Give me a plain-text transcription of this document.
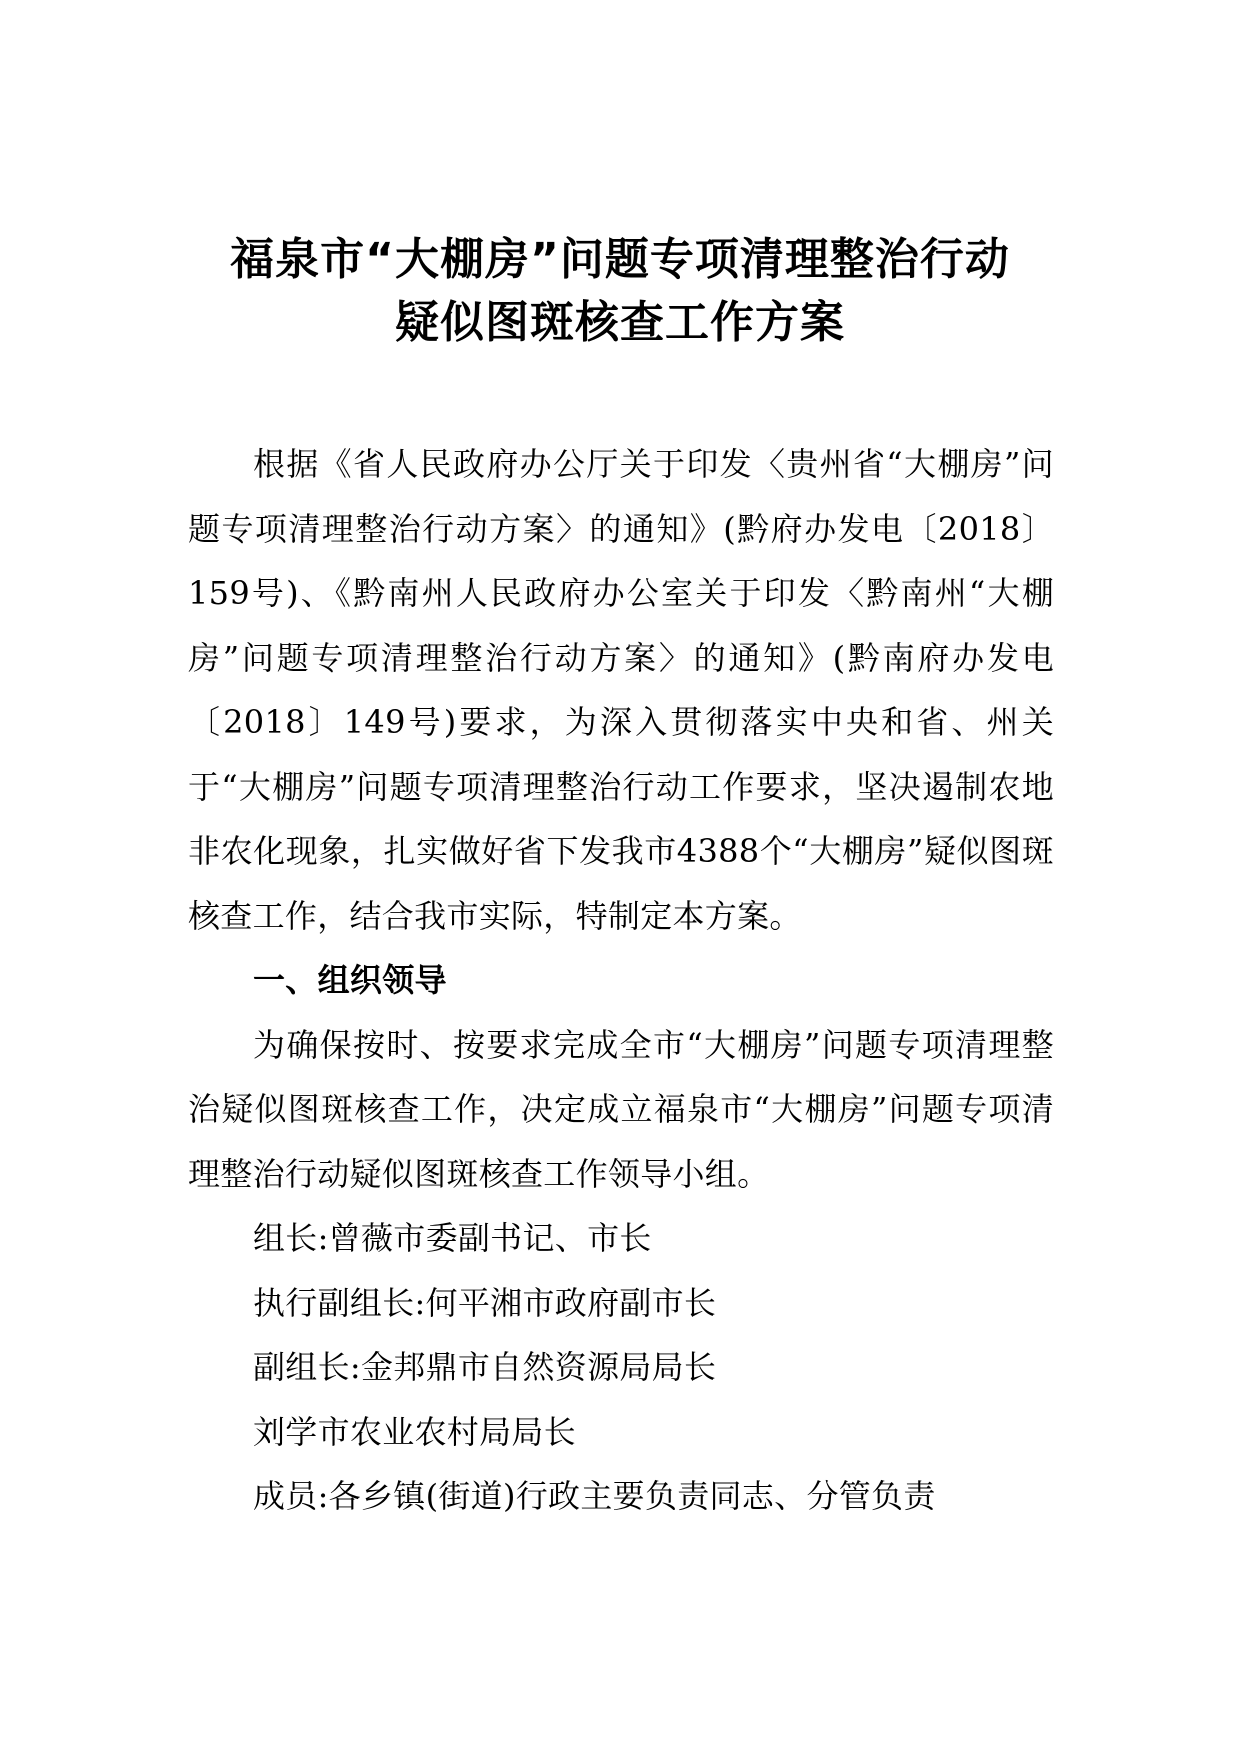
福泉市“大棚房”问题专项清理整治行动
疑似图斑核查工作方案

根据《省人民政府办公厅关于印发〈贵州省“大棚房”问题专项清理整治行动方案〉的通知》(黔府办发电〔2018〕159号)、《黔南州人民政府办公室关于印发〈黔南州“大棚房”问题专项清理整治行动方案〉的通知》(黔南府办发电〔2018〕149号)要求，为深入贯彻落实中央和省、州关于“大棚房”问题专项清理整治行动工作要求，坚决遏制农地非农化现象，扎实做好省下发我市4388个“大棚房”疑似图斑核查工作，结合我市实际，特制定本方案。

一、组织领导

为确保按时、按要求完成全市“大棚房”问题专项清理整治疑似图斑核查工作，决定成立福泉市“大棚房”问题专项清理整治行动疑似图斑核查工作领导小组。

组长:曾薇市委副书记、市长

执行副组长:何平湘市政府副市长

副组长:金邦鼎市自然资源局局长

刘学市农业农村局局长

成员:各乡镇(街道)行政主要负责同志、分管负责
